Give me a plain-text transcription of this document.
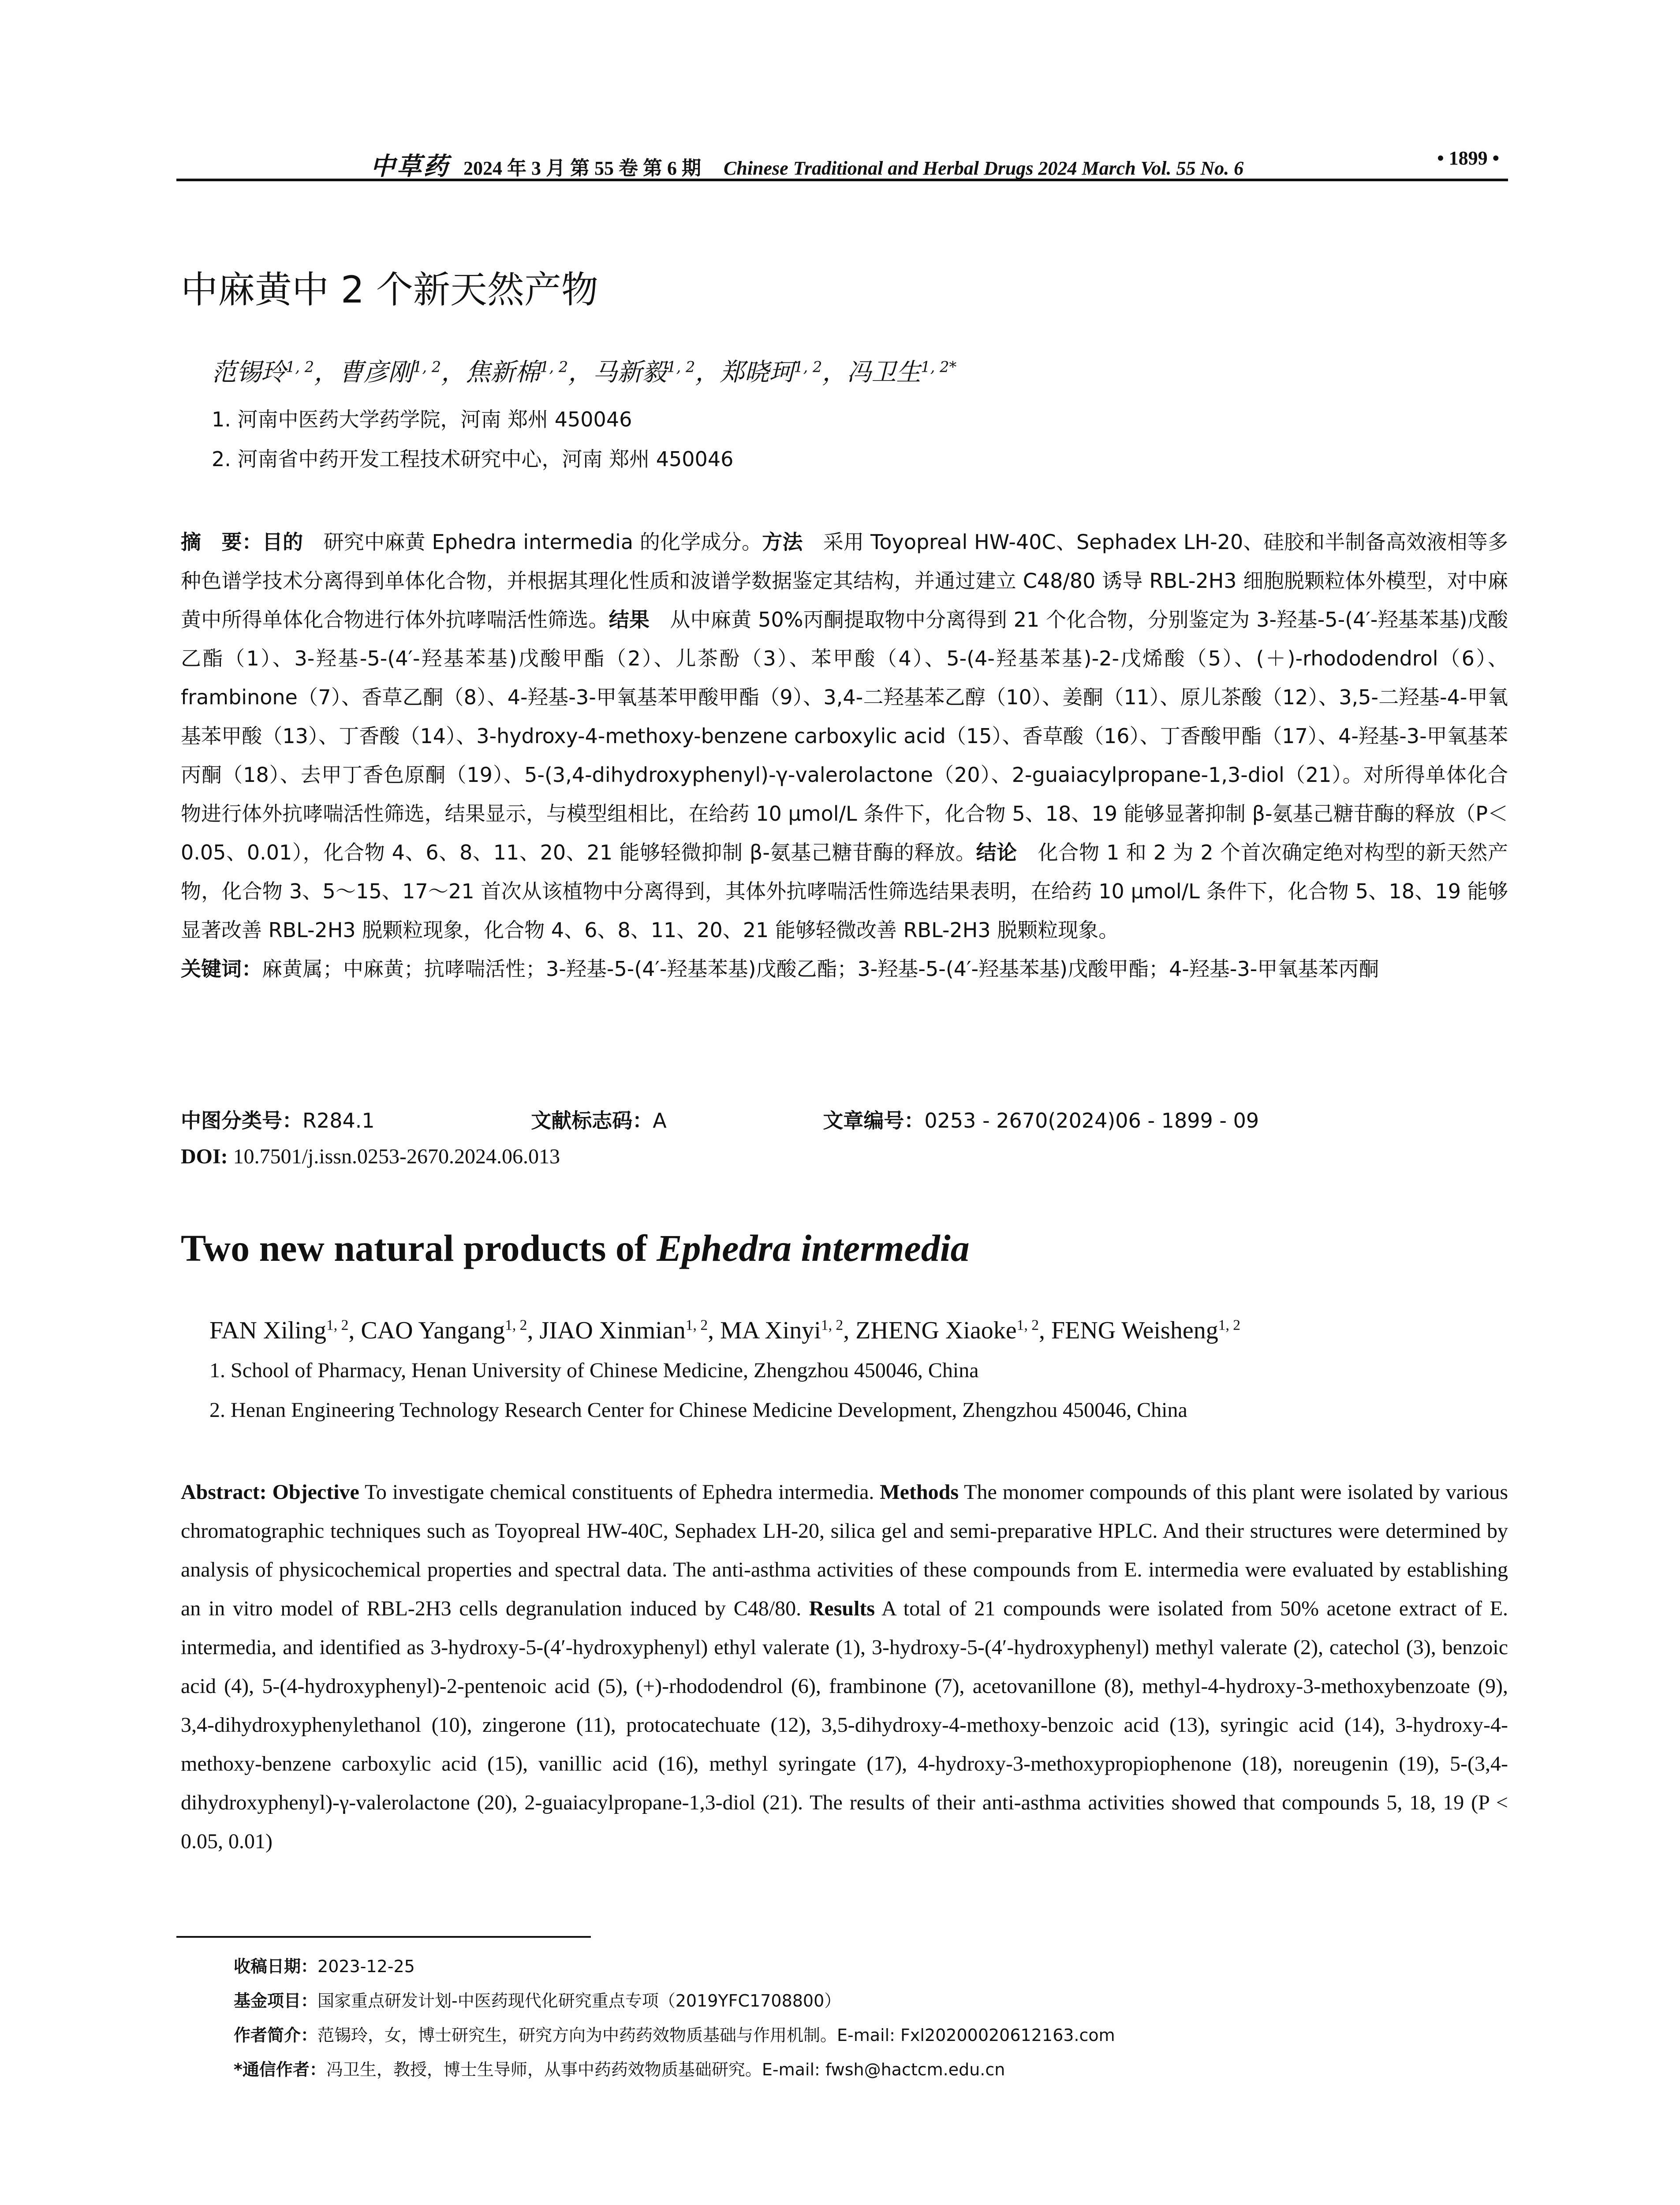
中草药 2024 年 3 月 第 55 卷 第 6 期 Chinese Traditional and Herbal Drugs 2024 March Vol. 55 No. 6	• 1899 •
中麻黄中 2 个新天然产物
范锡玲$^{1, 2}$，曹彦刚$^{1, 2}$，焦新棉$^{1, 2}$，马新毅$^{1, 2}$，郑晓珂$^{1, 2}$，冯卫生$^{1, 2*}$
1. 河南中医药大学药学院，河南 郑州 450046
2. 河南省中药开发工程技术研究中心，河南 郑州 450046

摘　要：目的　 研究中麻黄 Ephedra intermedia 的化学成分。方法　 采用 Toyopreal HW-40C、Sephadex LH-20、硅胶和半制备高效液相等多种色谱学技术分离得到单体化合物，并根据其理化性质和波谱学数据鉴定其结构，并通过建立 C48/80 诱导 RBL-2H3 细胞脱颗粒体外模型，对中麻黄中所得单体化合物进行体外抗哮喘活性筛选。结果　 从中麻黄 50%丙酮提取物中分离得到 21 个化合物，分别鉴定为 3-羟基-5-(4′-羟基苯基)戊酸乙酯（1）、3-羟基-5-(4′-羟基苯基)戊酸甲酯（2）、儿茶酚（3）、苯甲酸（4）、5-(4-羟基苯基)-2-戊烯酸（5）、(＋)-rhododendrol（6）、frambinone（7）、香草乙酮（8）、4-羟基-3-甲氧基苯甲酸甲酯（9）、3,4-二羟基苯乙醇（10）、姜酮（11）、原儿茶酸（12）、3,5-二羟基-4-甲氧基苯甲酸（13）、丁香酸（14）、3-hydroxy-4-methoxy-benzene carboxylic acid（15）、香草酸（16）、丁香酸甲酯（17）、4-羟基-3-甲氧基苯丙酮（18）、去甲丁香色原酮（19）、5-(3,4-dihydroxyphenyl)-γ-valerolactone（20）、2-guaiacylpropane-1,3-diol（21）。对所得单体化合物进行体外抗哮喘活性筛选，结果显示，与模型组相比，在给药 10 μmol/L 条件下，化合物 5、18、19 能够显著抑制 β-氨基己糖苷酶的释放（P＜0.05、0.01），化合物 4、6、8、11、20、21 能够轻微抑制 β-氨基己糖苷酶的释放。结论　 化合物 1 和 2 为 2 个首次确定绝对构型的新天然产物，化合物 3、5～15、17～21 首次从该植物中分离得到，其体外抗哮喘活性筛选结果表明，在给药 10 μmol/L 条件下，化合物 5、18、19 能够显著改善 RBL-2H3 脱颗粒现象，化合物 4、6、8、11、20、21 能够轻微改善 RBL-2H3 脱颗粒现象。

关键词：麻黄属；中麻黄；抗哮喘活性；3-羟基-5-(4′-羟基苯基)戊酸乙酯；3-羟基-5-(4′-羟基苯基)戊酸甲酯；4-羟基-3-甲氧基苯丙酮

中图分类号：R284.1	文献标志码：A	文章编号：0253 - 2670(2024)06 - 1899 - 09
DOI: 10.7501/j.issn.0253-2670.2024.06.013
Two new natural products of Ephedra intermedia
FAN Xiling$^{1, 2}$, CAO Yangang$^{1, 2}$, JIAO Xinmian$^{1, 2}$, MA Xinyi$^{1, 2}$, ZHENG Xiaoke$^{1, 2}$, FENG Weisheng$^{1, 2}$
1. School of Pharmacy, Henan University of Chinese Medicine, Zhengzhou 450046, China
2. Henan Engineering Technology Research Center for Chinese Medicine Development, Zhengzhou 450046, China
Abstract: Objective To investigate chemical constituents of Ephedra intermedia. Methods The monomer compounds of this plant were isolated by various chromatographic techniques such as Toyopreal HW-40C, Sephadex LH-20, silica gel and semi-preparative HPLC. And their structures were determined by analysis of physicochemical properties and spectral data. The anti-asthma activities of these compounds from E. intermedia were evaluated by establishing an in vitro model of RBL-2H3 cells degranulation induced by C48/80. Results A total of 21 compounds were isolated from 50% acetone extract of E. intermedia, and identified as 3-hydroxy-5-(4′-hydroxyphenyl) ethyl valerate (1), 3-hydroxy-5-(4′-hydroxyphenyl) methyl valerate (2), catechol (3), benzoic acid (4), 5-(4-hydroxyphenyl)-2-pentenoic acid (5), (+)-rhododendrol (6), frambinone (7), acetovanillone (8), methyl-4-hydroxy-3-methoxybenzoate (9), 3,4-dihydroxyphenylethanol (10), zingerone (11), protocatechuate (12), 3,5-dihydroxy-4-methoxy-benzoic acid (13), syringic acid (14), 3-hydroxy-4-methoxy-benzene carboxylic acid (15), vanillic acid (16), methyl syringate (17), 4-hydroxy-3-methoxypropiophenone (18), noreugenin (19), 5-(3,4-dihydroxyphenyl)-γ-valerolactone (20), 2-guaiacylpropane-1,3-diol (21). The results of their anti-asthma activities showed that compounds 5, 18, 19 (P < 0.05, 0.01)
收稿日期：2023-12-25
基金项目：国家重点研发计划-中医药现代化研究重点专项（2019YFC1708800）
作者简介：范锡玲，女，博士研究生，研究方向为中药药效物质基础与作用机制。E-mail: Fxl20200020612163.com
*通信作者：冯卫生，教授，博士生导师，从事中药药效物质基础研究。E-mail: fwsh@hactcm.edu.cn
